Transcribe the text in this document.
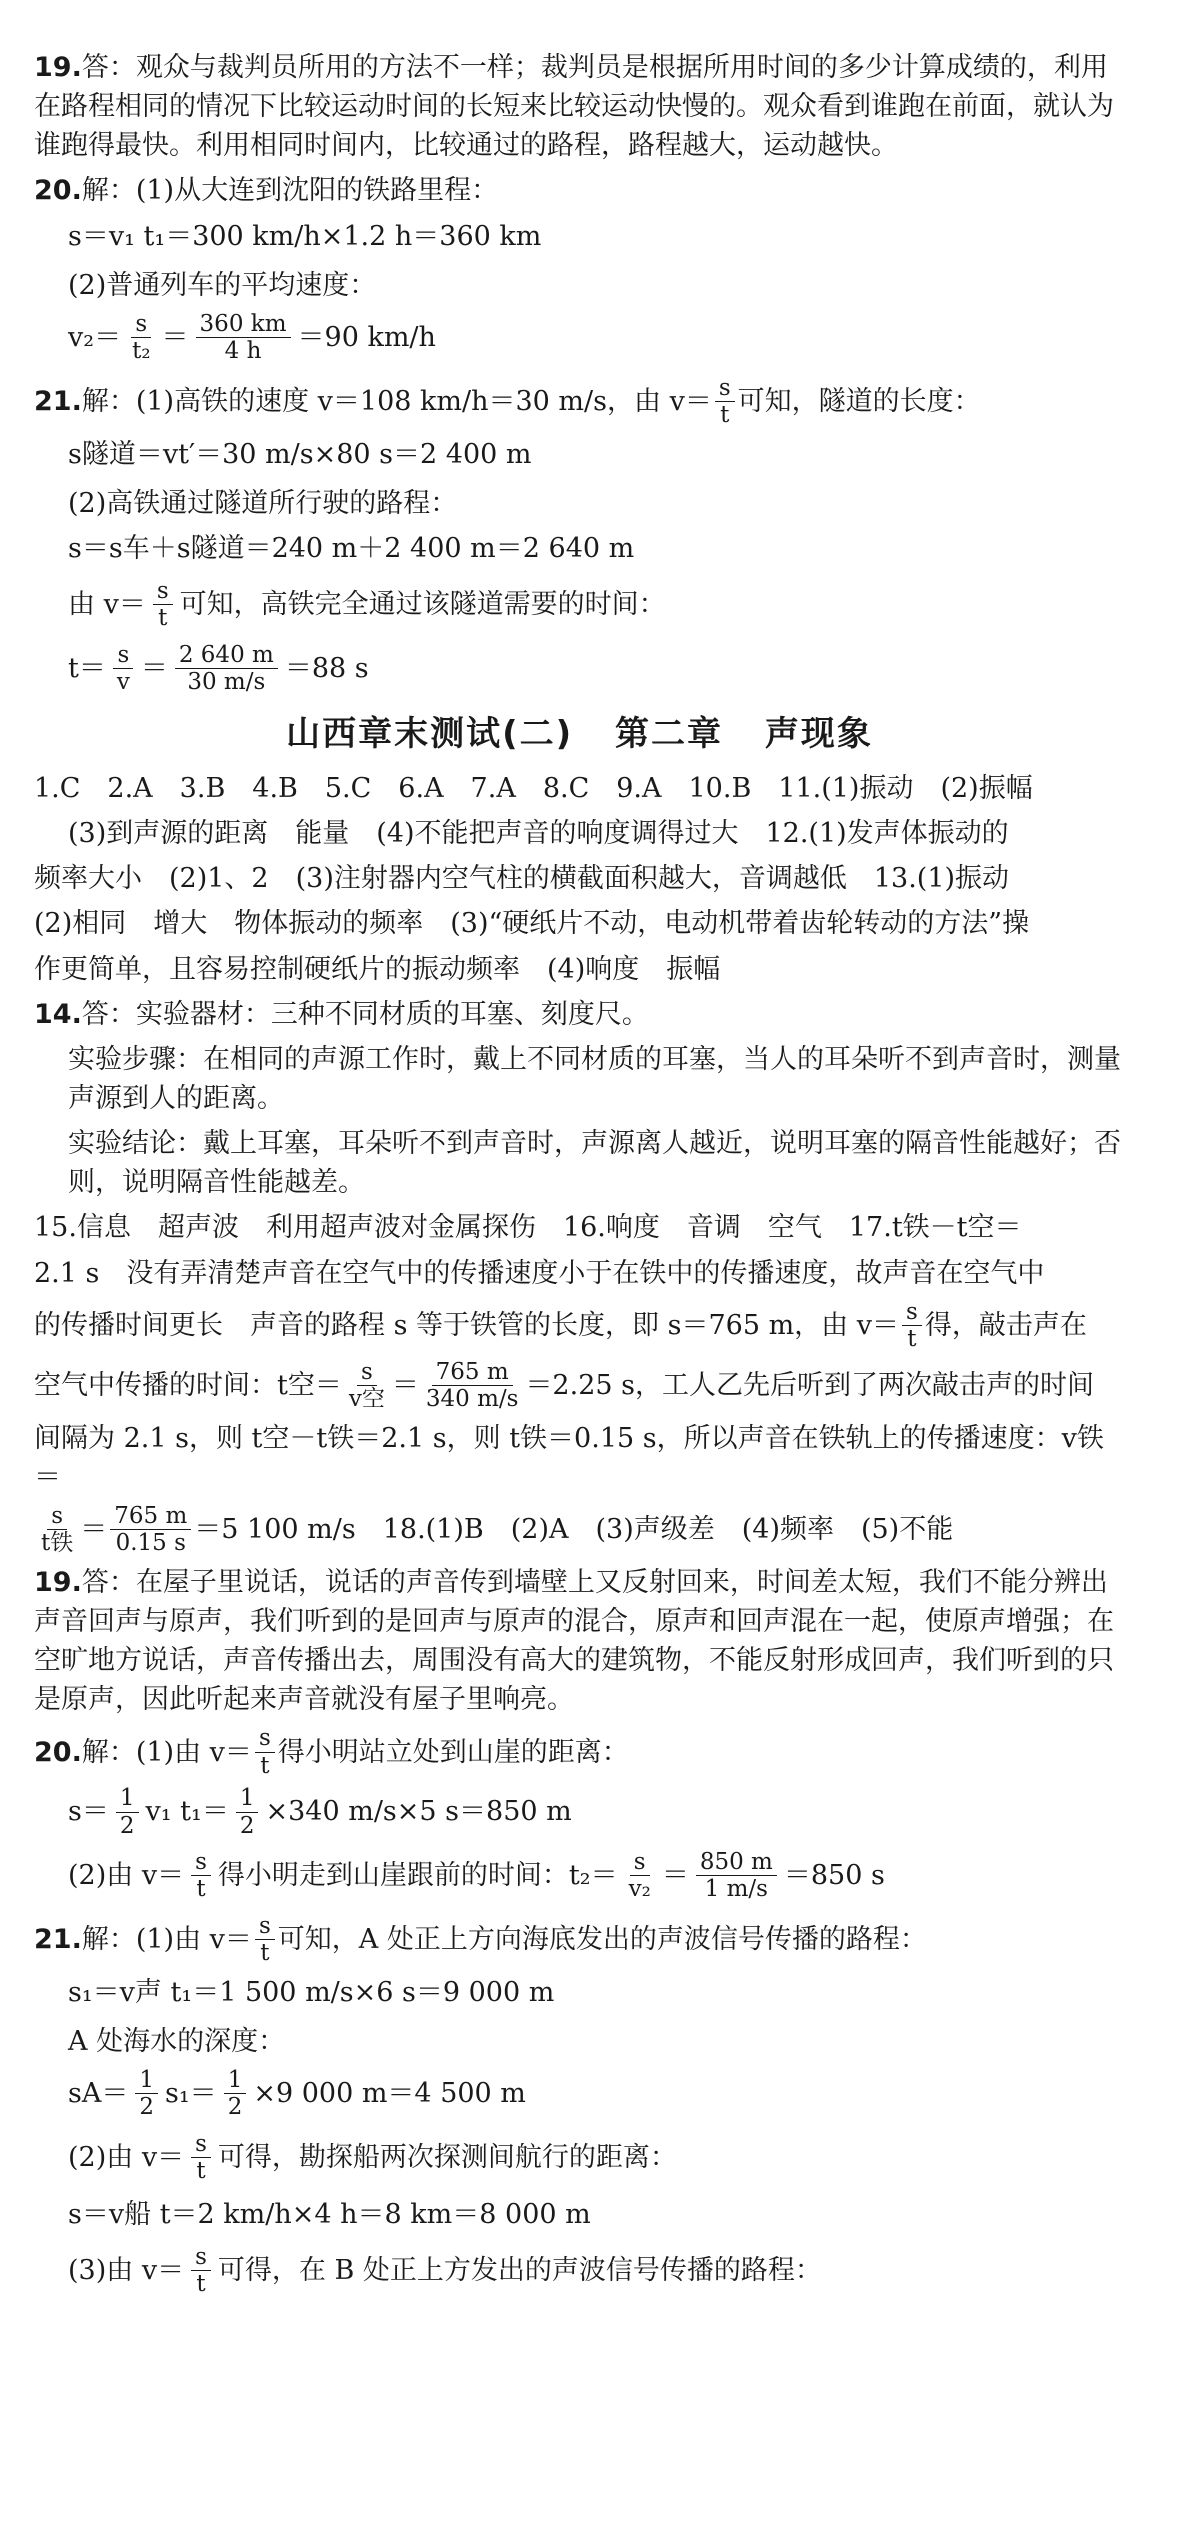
19.答：观众与裁判员所用的方法不一样；裁判员是根据所用时间的多少计算成绩的，利用在路程相同的情况下比较运动时间的长短来比较运动快慢的。观众看到谁跑在前面，就认为谁跑得最快。利用相同时间内，比较通过的路程，路程越大，运动越快。

20.解：(1)从大连到沈阳的铁路里程：

s＝v₁ t₁＝300 km/h×1.2 h＝360 km

(2)普通列车的平均速度：

$v_2= \frac{s}{\text{t₂}} = \frac{360 km}{4 h} =90$ km/h
21. 解：(1)高铁的速度 v＝108 km/h＝30 m/s，由 $v= \frac{s}{t}$ 可知，隧道的长度：
s隧道＝vt′＝30 m/s×80 s＝2 400 m

(2)高铁通过隧道所行驶的路程：

s＝s车＋s隧道＝240 m＋2 400 m＝2 640 m
由 $v= \frac{s}{t}$ 可知，高铁完全通过该隧道需要的时间：
$t= \frac{s}{v} = \frac{2 640 m}{30 m/s} =88$ s
山西章末测试(二) 第二章 声现象

1.C　2.A　3.B　4.B　5.C　6.A　7.A　8.C　9.A　10.B　11.(1)振动　(2)振幅

(3)到声源的距离　能量　(4)不能把声音的响度调得过大　12.(1)发声体振动的

频率大小　(2)1、2　(3)注射器内空气柱的横截面积越大，音调越低　13.(1)振动

(2)相同　增大　物体振动的频率　(3)“硬纸片不动，电动机带着齿轮转动的方法”操

作更简单，且容易控制硬纸片的振动频率　(4)响度　振幅

14.答：实验器材：三种不同材质的耳塞、刻度尺。

实验步骤：在相同的声源工作时，戴上不同材质的耳塞，当人的耳朵听不到声音时，测量声源到人的距离。

实验结论：戴上耳塞，耳朵听不到声音时，声源离人越近，说明耳塞的隔音性能越好；否则，说明隔音性能越差。

15.信息　超声波　利用超声波对金属探伤　16.响度　音调　空气　17.t铁－t空＝

2.1 s　没有弄清楚声音在空气中的传播速度小于在铁中的传播速度，故声音在空气中

的传播时间更长　声音的路程 s 等于铁管的长度，即 s＝765 m，由 $v= \frac{s}{t}$ 得，敲击声在
空气中传播的时间：t空＝ $\frac{s}{\text{v空}} = \frac{765 m}{340 m/s} =2.25$ s，工人乙先后听到了两次敲击声的时间

间隔为 2.1 s，则 t空－t铁＝2.1 s，则 t铁＝0.15 s，所以声音在铁轨上的传播速度：v铁＝

$\frac{s}{\text{t铁}} = \frac{765 m}{0.15 s} =5$ 100 m/s　18.(1)B　(2)A　(3)声级差　(4)频率　(5)不能

19.答：在屋子里说话，说话的声音传到墙壁上又反射回来，时间差太短，我们不能分辨出声音回声与原声，我们听到的是回声与原声的混合，原声和回声混在一起，使原声增强；在空旷地方说话，声音传播出去，周围没有高大的建筑物，不能反射形成回声，我们听到的只是原声，因此听起来声音就没有屋子里响亮。

20. 解：(1)由 $v= \frac{s}{t}$ 得小明站立处到山崖的距离：
$s= \frac{1}{2} v_1$ $t_1= \frac{1}{2} \times 340$ m/s×5 s＝850 m
(2)由 $v= \frac{s}{t}$ 得小明走到山崖跟前的时间：$t_2= \frac{s}{\text{v₂}} = \frac{850 m}{1 m/s} =850$ s
21. 解：(1)由 $v= \frac{s}{t}$ 可知，A 处正上方向海底发出的声波信号传播的路程：
s₁＝v声 t₁＝1 500 m/s×6 s＝9 000 m

A 处海水的深度：

$sA= \frac{1}{2} s_1= \frac{1}{2} \times 9$ 000 m＝4 500 m
(2)由 $v= \frac{s}{t}$ 可得，勘探船两次探测间航行的距离：
s＝v船 t＝2 km/h×4 h＝8 km＝8 000 m
(3)由 $v= \frac{s}{t}$ 可得，在 B 处正上方发出的声波信号传播的路程：
